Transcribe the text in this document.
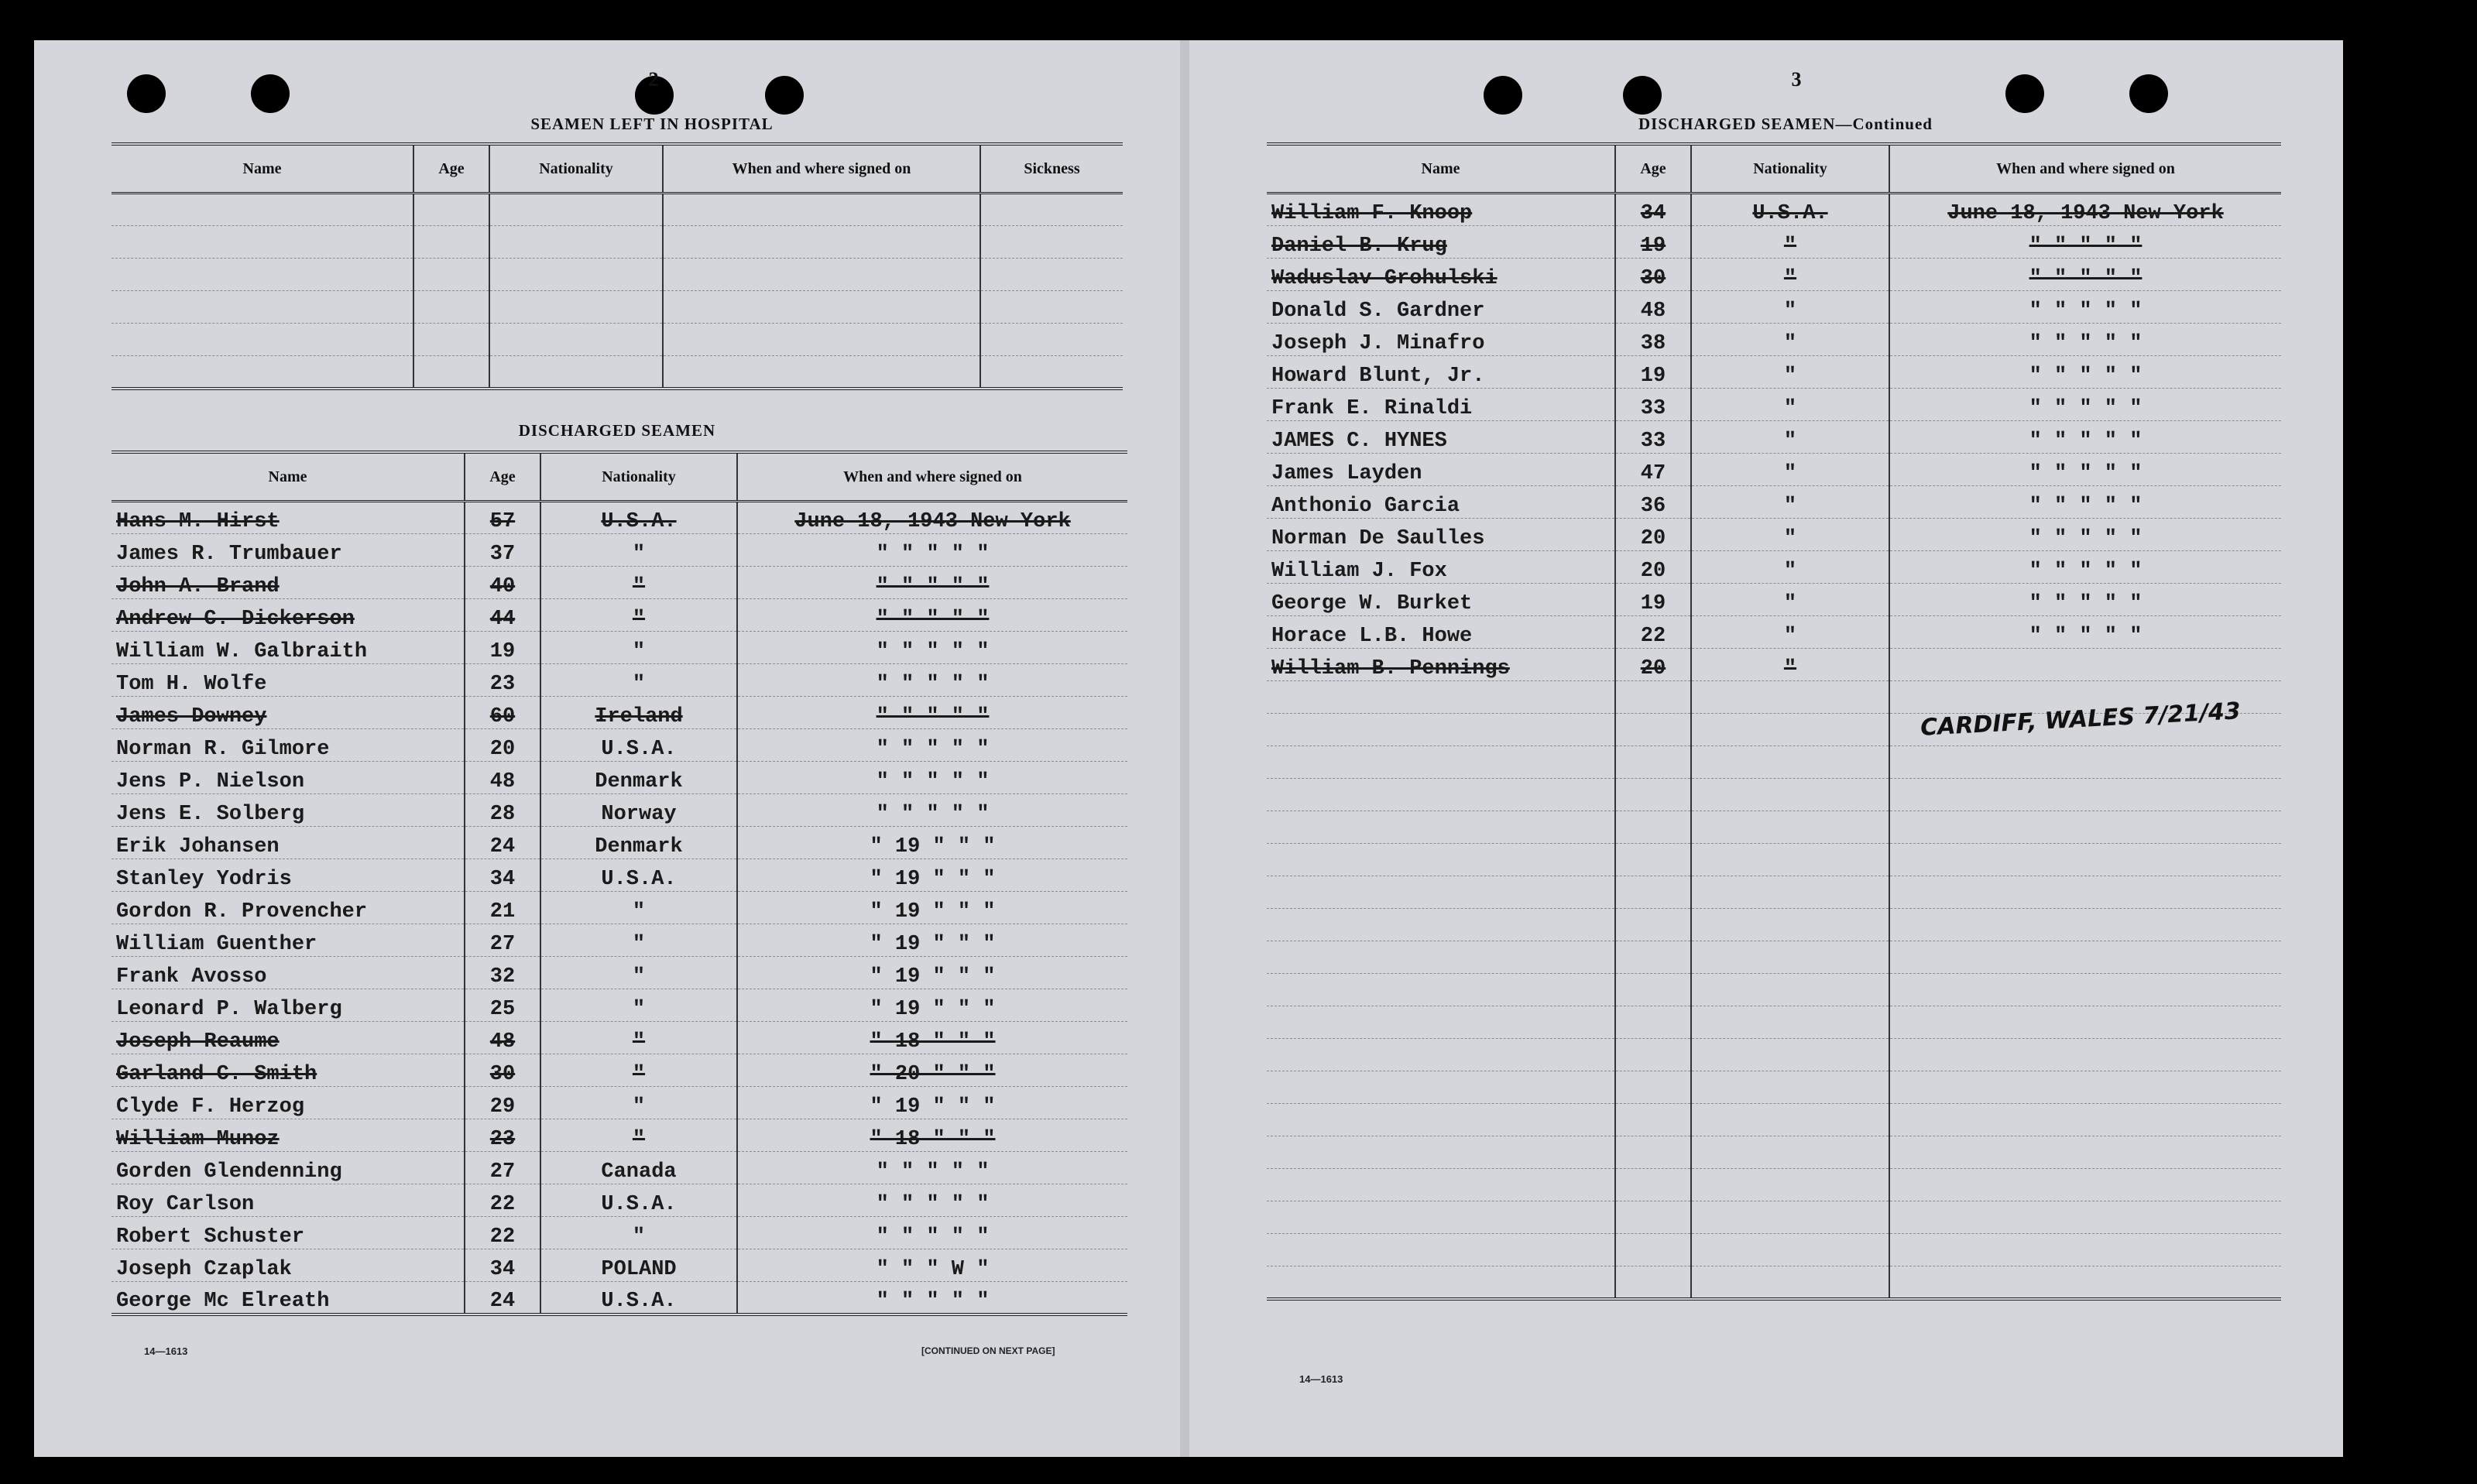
2
SEAMEN LEFT IN HOSPITAL
Name	Age	Nationality	When and where signed on	Sickness

DISCHARGED SEAMEN
Name	Age	Nationality	When and where signed on
Hans M. Hirst	57	U.S.A.	June 18, 1943 New York
James R. Trumbauer	37	"	" " " " "
John A. Brand	40	"	" " " " "
Andrew C. Dickerson	44	"	" " " " "
William W. Galbraith	19	"	" " " " "
Tom H. Wolfe	23	"	" " " " "
James Downey	60	Ireland	" " " " "
Norman R. Gilmore	20	U.S.A.	" " " " "
Jens P. Nielson	48	Denmark	" " " " "
Jens E. Solberg	28	Norway	" " " " "
Erik Johansen	24	Denmark	" 19 " " "
Stanley Yodris	34	U.S.A.	" 19 " " "
Gordon R. Provencher	21	"	" 19 " " "
William Guenther	27	"	" 19 " " "
Frank Avosso	32	"	" 19 " " "
Leonard P. Walberg	25	"	" 19 " " "
Joseph Reaume	48	"	" 18 " " "
Garland C. Smith	30	"	" 20 " " "
Clyde F. Herzog	29	"	" 19 " " "
William Munoz	23	"	" 18 " " "
Gorden Glendenning	27	Canada	" " " " "
Roy Carlson	22	U.S.A.	" " " " "
Robert Schuster	22	"	" " " " "
Joseph Czaplak	34	POLAND	" " " W "
George Mc Elreath	24	U.S.A.	" " " " "
14—1613	[CONTINUED ON NEXT PAGE]
3
DISCHARGED SEAMEN—Continued
Name	Age	Nationality	When and where signed on
William F. Knoop	34	U.S.A.	June 18, 1943 New York
Daniel B. Krug	19	"	" " " " "
Waduslav Grohulski	30	"	" " " " "
Donald S. Gardner	48	"	" " " " "
Joseph J. Minafro	38	"	" " " " "
Howard Blunt, Jr.	19	"	" " " " "
Frank E. Rinaldi	33	"	" " " " "
JAMES C. HYNES	33	"	" " " " "
James Layden	47	"	" " " " "
Anthonio Garcia	36	"	" " " " "
Norman De Saulles	20	"	" " " " "
William J. Fox	20	"	" " " " "
George W. Burket	19	"	" " " " "
Horace L.B. Howe	22	"	" " " " "
William B. Pennings	20	"	

CARDIFF, WALES 7/21/43
14—1613
